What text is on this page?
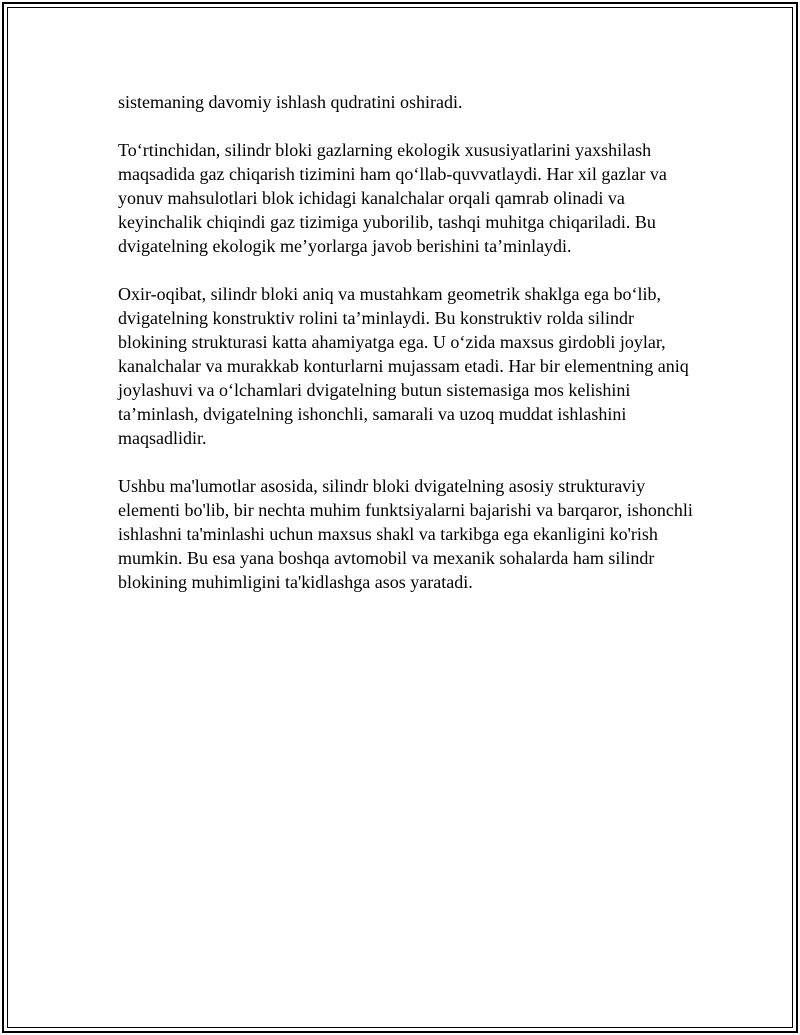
sistemaning davomiy ishlash qudratini oshiradi.

To‘rtinchidan, silindr bloki gazlarning ekologik xususiyatlarini yaxshilash maqsadida gaz chiqarish tizimini ham qo‘llab-quvvatlaydi. Har xil gazlar va yonuv mahsulotlari blok ichidagi kanalchalar orqali qamrab olinadi va keyinchalik chiqindi gaz tizimiga yuborilib, tashqi muhitga chiqariladi. Bu dvigatelning ekologik me’yorlarga javob berishini ta’minlaydi.

Oxir-oqibat, silindr bloki aniq va mustahkam geometrik shaklga ega bo‘lib, dvigatelning konstruktiv rolini ta’minlaydi. Bu konstruktiv rolda silindr blokining strukturasi katta ahamiyatga ega. U o‘zida maxsus girdobli joylar, kanalchalar va murakkab konturlarni mujassam etadi. Har bir elementning aniq joylashuvi va o‘lchamlari dvigatelning butun sistemasiga mos kelishini ta’minlash, dvigatelning ishonchli, samarali va uzoq muddat ishlashini maqsadlidir.

Ushbu ma'lumotlar asosida, silindr bloki dvigatelning asosiy strukturaviy elementi bo'lib, bir nechta muhim funktsiyalarni bajarishi va barqaror, ishonchli ishlashni ta'minlashi uchun maxsus shakl va tarkibga ega ekanligini ko'rish mumkin. Bu esa yana boshqa avtomobil va mexanik sohalarda ham silindr blokining muhimligini ta'kidlashga asos yaratadi.
